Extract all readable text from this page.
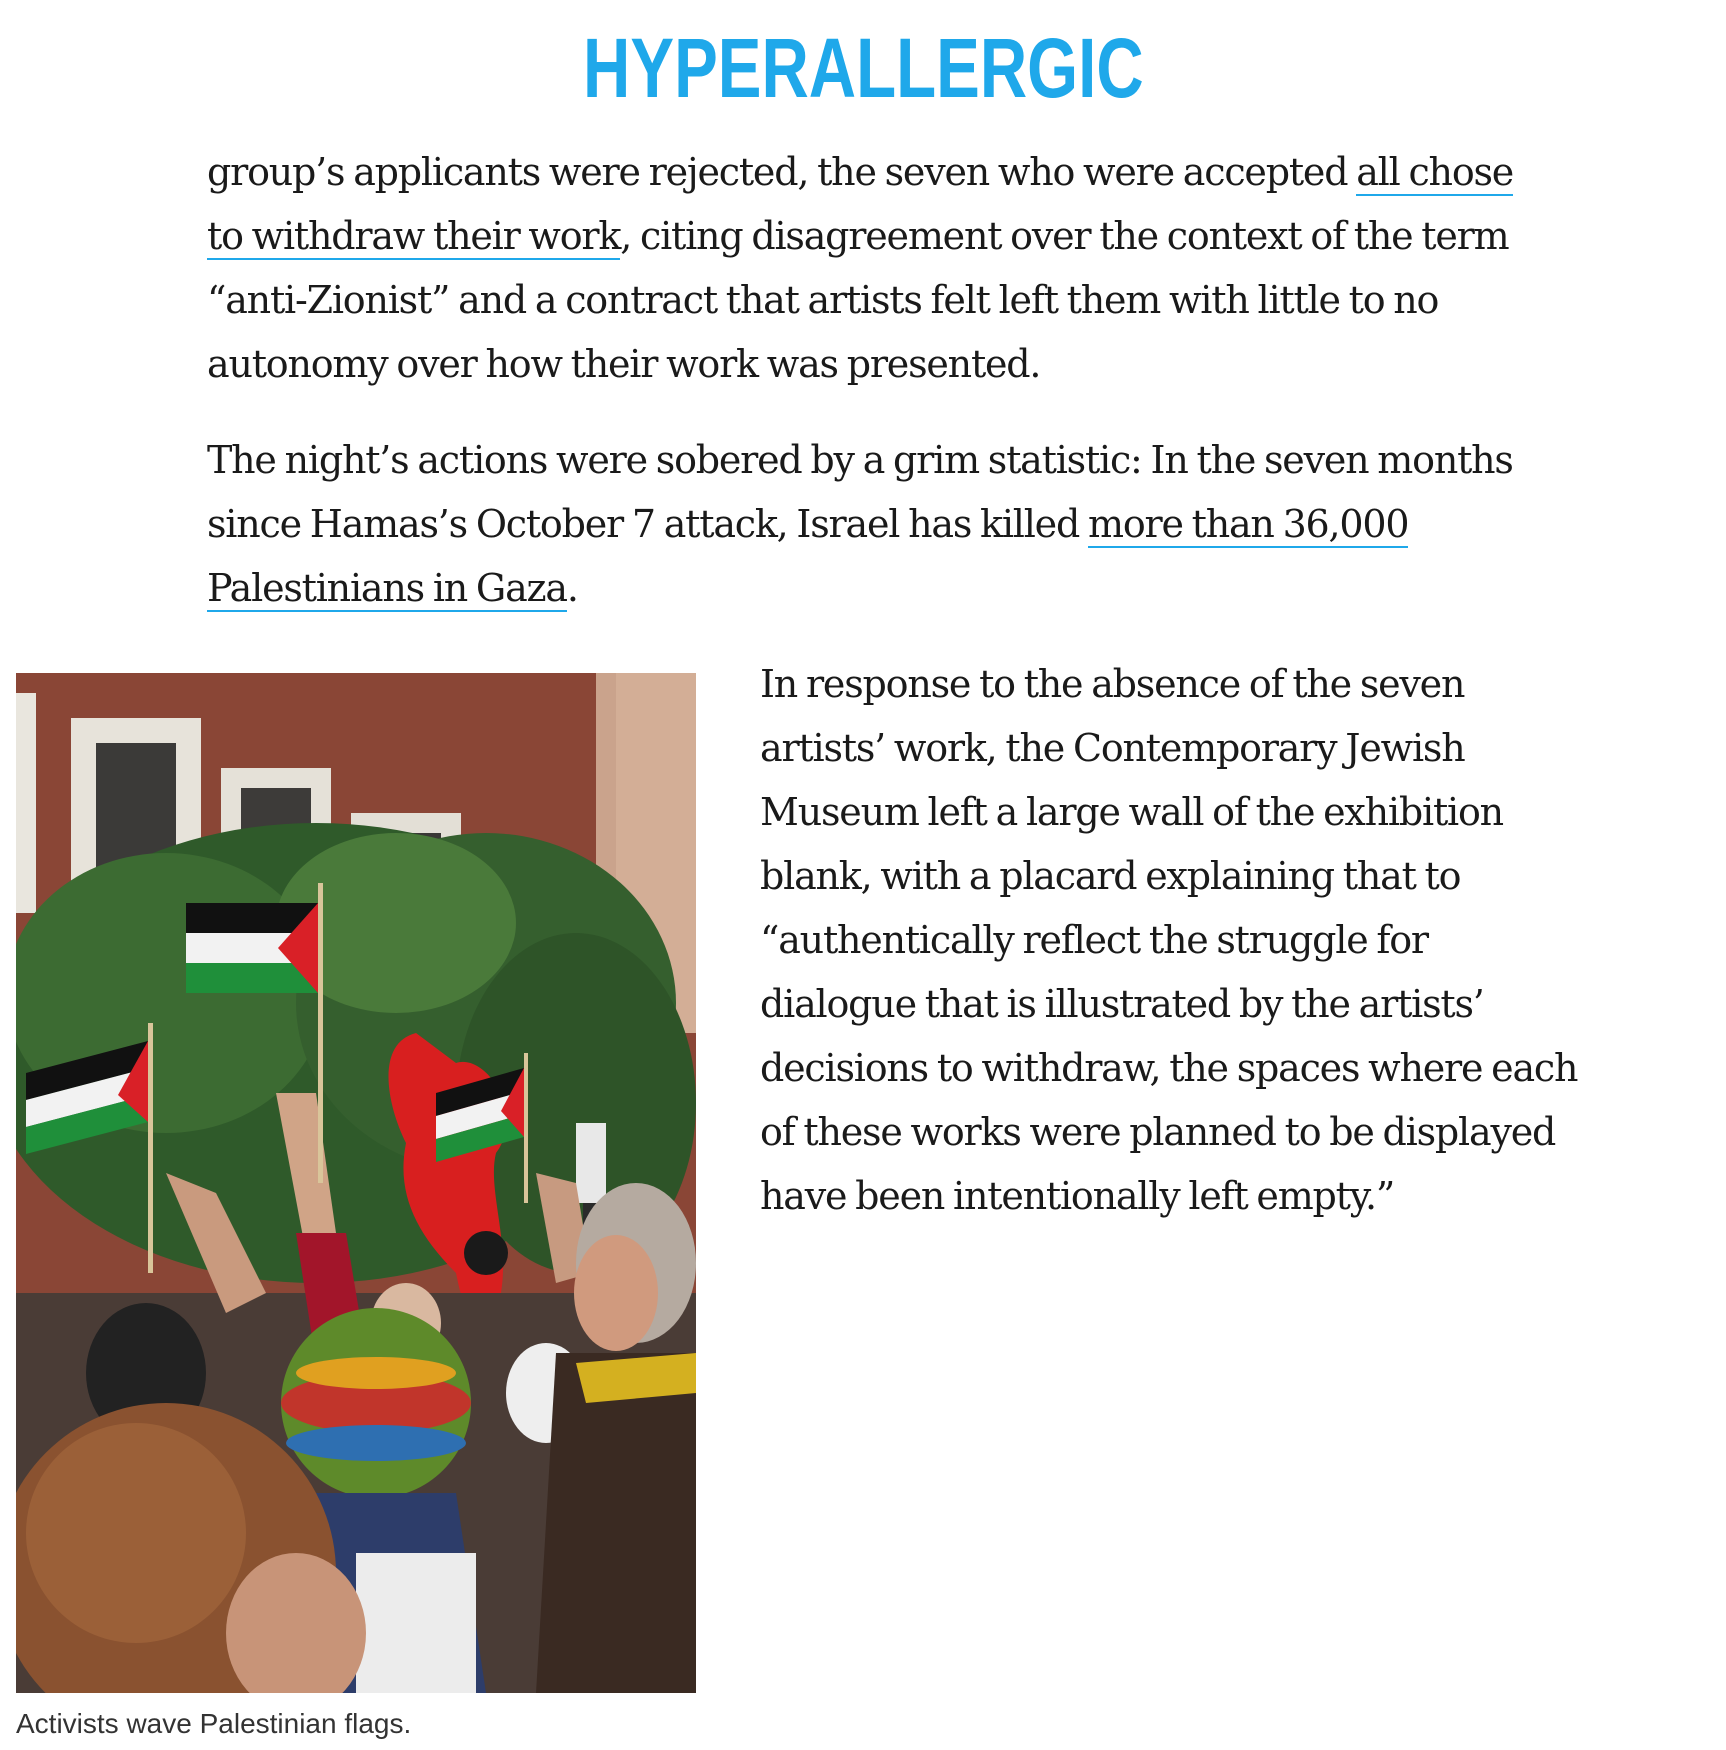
HYPERALLERGIC

group’s applicants were rejected, the seven who were accepted all chose to withdraw their work, citing disagreement over the context of the term “anti-Zionist” and a contract that artists felt left them with little to no autonomy over how their work was presented.

The night’s actions were sobered by a grim statistic: In the seven months since Hamas’s October 7 attack, Israel has killed more than 36,000 Palestinians in Gaza.

Activists wave Palestinian flags.

In response to the absence of the seven artists’ work, the Contemporary Jewish Museum left a large wall of the exhibition blank, with a placard explaining that to “authentically reflect the struggle for dialogue that is illustrated by the artists’ decisions to withdraw, the spaces where each of these works were planned to be displayed have been intentionally left empty.”
